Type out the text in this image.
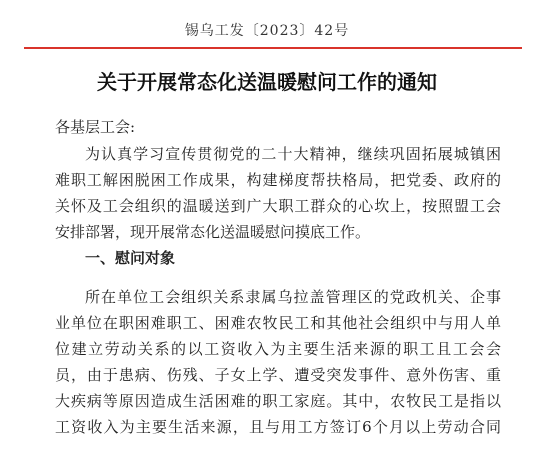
锡乌工发〔2023〕42号
关于开展常态化送温暖慰问工作的通知
各基层工会:
为认真学习宣传贯彻党的二十大精神，继续巩固拓展城镇困
难职工解困脱困工作成果，构建梯度帮扶格局，把党委、政府的
关怀及工会组织的温暖送到广大职工群众的心坎上，按照盟工会
安排部署，现开展常态化送温暖慰问摸底工作。
一、慰问对象
所在单位工会组织关系隶属乌拉盖管理区的党政机关、企事
业单位在职困难职工、困难农牧民工和其他社会组织中与用人单
位建立劳动关系的以工资收入为主要生活来源的职工且工会会
员，由于患病、伤残、子女上学、遭受突发事件、意外伤害、重
大疾病等原因造成生活困难的职工家庭。其中，农牧民工是指以
工资收入为主要生活来源，且与用工方签订6个月以上劳动合同
